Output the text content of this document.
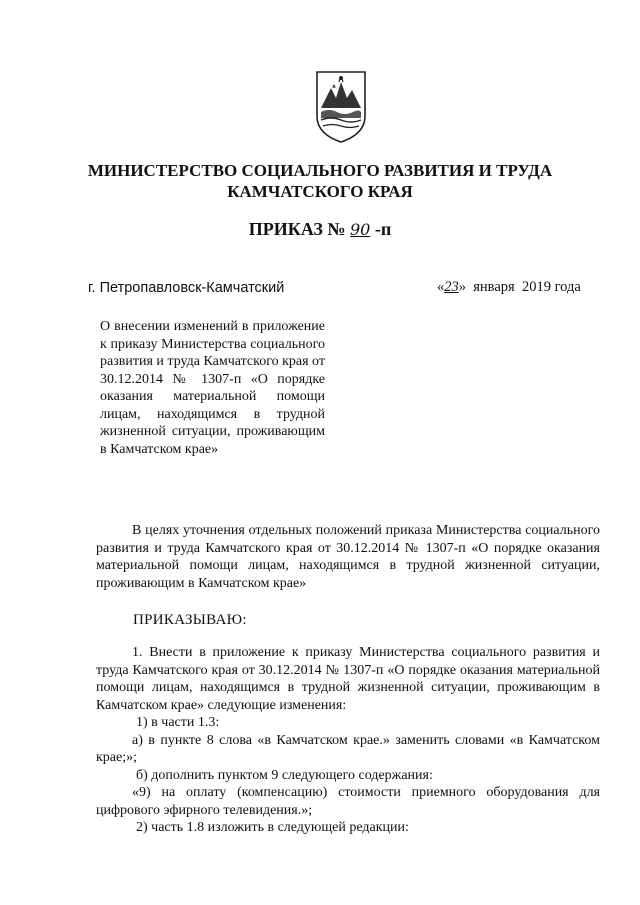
МИНИСТЕРСТВО СОЦИАЛЬНОГО РАЗВИТИЯ И ТРУДА
КАМЧАТСКОГО КРАЯ
ПРИКАЗ № 90 -п
г. Петропавловск-Камчатский	«23»  января  2019 года
О внесении изменений в приложение к приказу Министерства социального развития и труда Камчатского края от 30.12.2014 № 1307-п «О порядке оказания материальной помощи лицам, находящимся в трудной жизненной ситуации, проживающим в Камчатском крае»
В целях уточнения отдельных положений приказа Министерства социального развития и труда Камчатского края от 30.12.2014 № 1307-п «О порядке оказания материальной помощи лицам, находящимся в трудной жизненной ситуации, проживающим в Камчатском крае»
ПРИКАЗЫВАЮ:

1. Внести в приложение к приказу Министерства социального развития и труда Камчатского края от 30.12.2014 № 1307-п «О порядке оказания материальной помощи лицам, находящимся в трудной жизненной ситуации, проживающим в Камчатском крае» следующие изменения:

1) в части 1.3:

а) в пункте 8 слова «в Камчатском крае.» заменить словами «в Камчатском крае;»;

б) дополнить пунктом 9 следующего содержания:

«9) на оплату (компенсацию) стоимости приемного оборудования для цифрового эфирного телевидения.»;

2) часть 1.8 изложить в следующей редакции:
